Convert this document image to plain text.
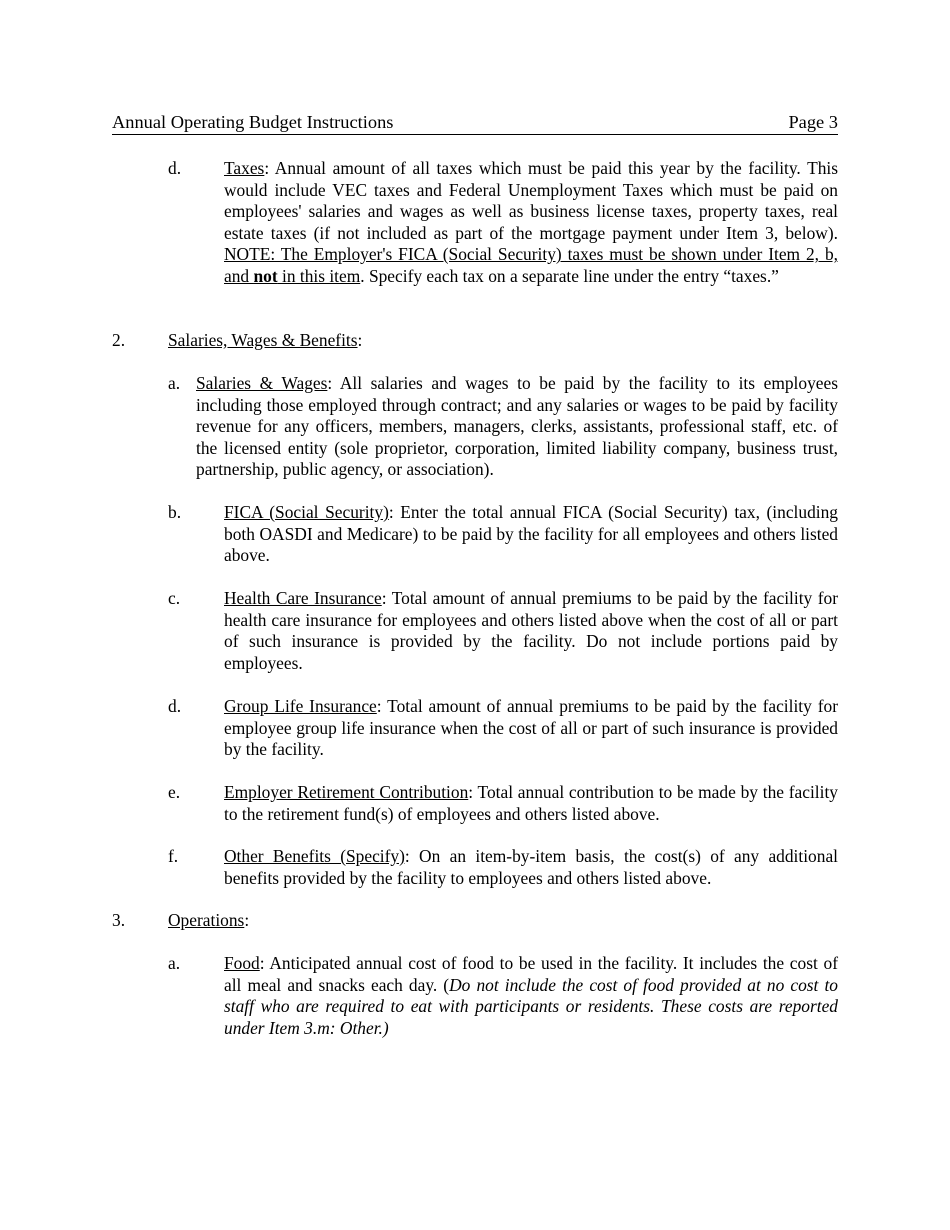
Annual Operating Budget Instructions	Page 3
d. Taxes: Annual amount of all taxes which must be paid this year by the facility. This would include VEC taxes and Federal Unemployment Taxes which must be paid on employees' salaries and wages as well as business license taxes, property taxes, real estate taxes (if not included as part of the mortgage payment under Item 3, below). NOTE: The Employer's FICA (Social Security) taxes must be shown under Item 2, b, and not in this item. Specify each tax on a separate line under the entry “taxes.”
2. Salaries, Wages & Benefits:
a. Salaries & Wages: All salaries and wages to be paid by the facility to its employees including those employed through contract; and any salaries or wages to be paid by facility revenue for any officers, members, managers, clerks, assistants, professional staff, etc. of the licensed entity (sole proprietor, corporation, limited liability company, business trust, partnership, public agency, or association).
b. FICA (Social Security): Enter the total annual FICA (Social Security) tax, (including both OASDI and Medicare) to be paid by the facility for all employees and others listed above.
c.	Health Care Insurance: Total amount of annual premiums to be paid by the facility for health care insurance for employees and others listed above when the cost of all or part of such insurance is provided by the facility. Do not include portions paid by employees.
d. Group Life Insurance: Total amount of annual premiums to be paid by the facility for employee group life insurance when the cost of all or part of such insurance is provided by the facility.
e.	Employer Retirement Contribution: Total annual contribution to be made by the facility to the retirement fund(s) of employees and others listed above.
f.	Other Benefits (Specify): On an item-by-item basis, the cost(s) of any additional benefits provided by the facility to employees and others listed above.
3. Operations:
a.	Food: Anticipated annual cost of food to be used in the facility. It includes the cost of all meal and snacks each day. (Do not include the cost of food provided at no cost to staff who are required to eat with participants or residents. These costs are reported under Item 3.m: Other.)
